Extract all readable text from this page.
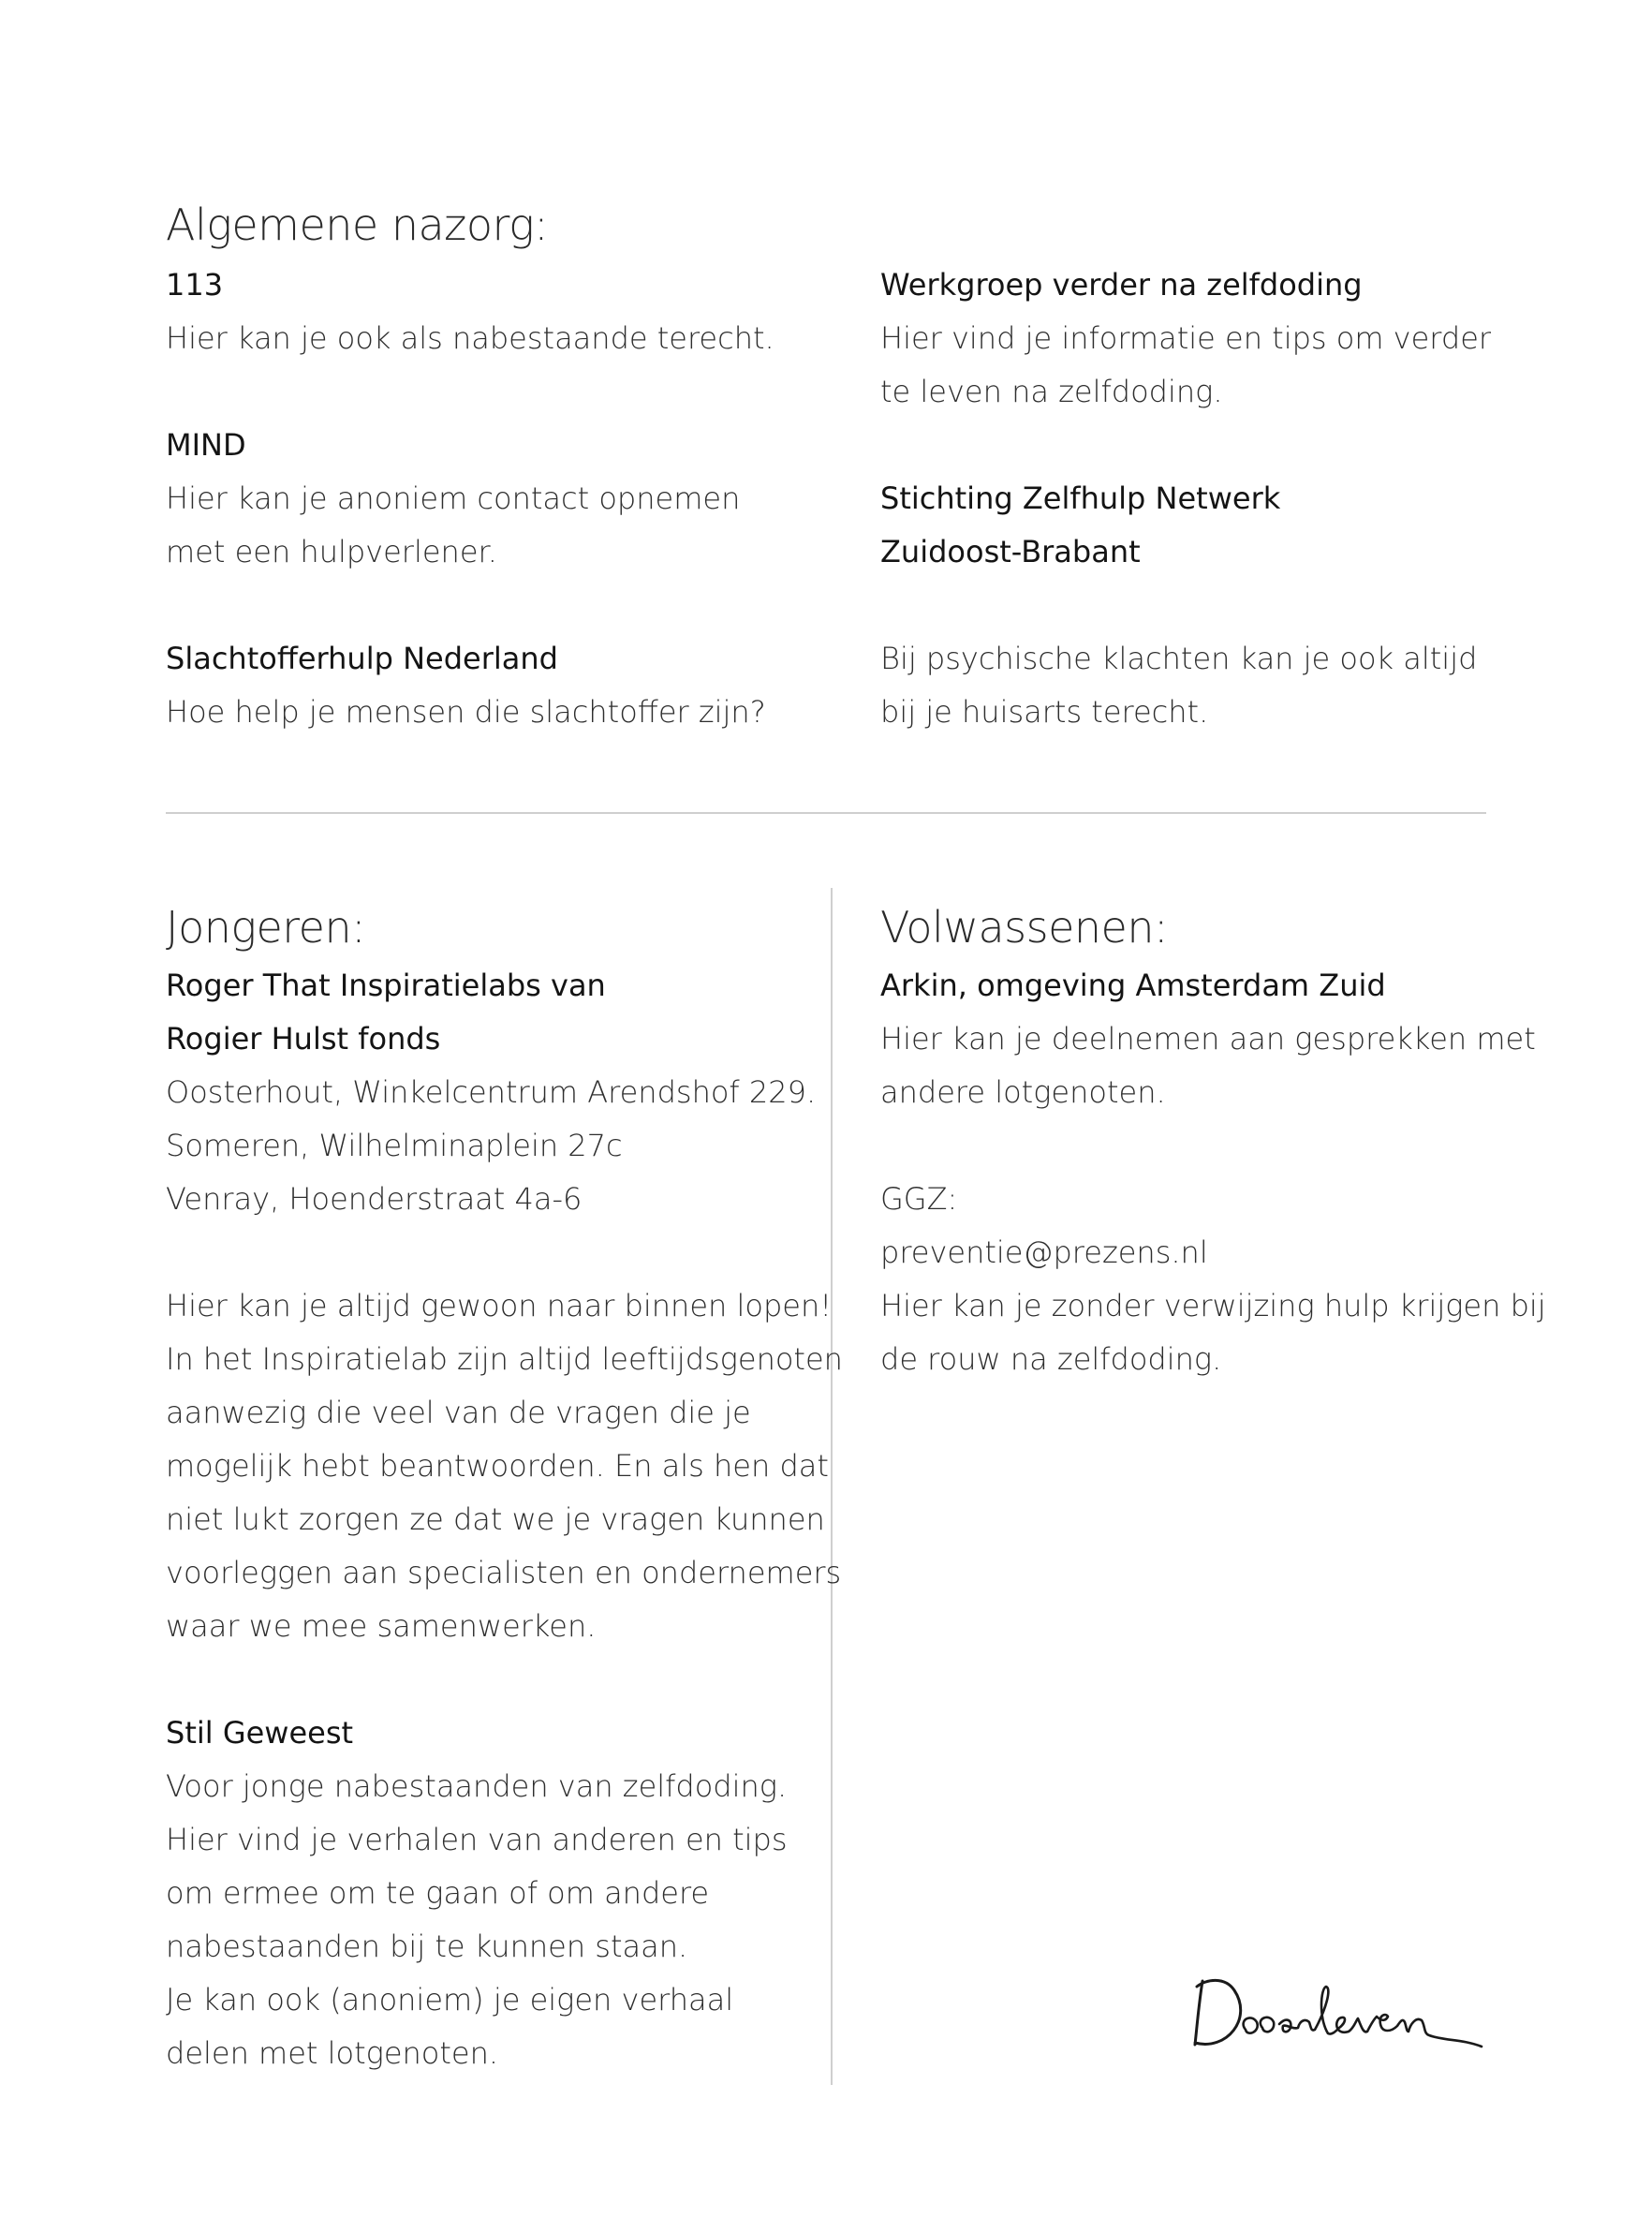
Algemene nazorg:
113
Hier kan je ook als nabestaande terecht.
MIND
Hier kan je anoniem contact opnemen
met een hulpverlener.
Slachtofferhulp Nederland
Hoe help je mensen die slachtoffer zijn?
Werkgroep verder na zelfdoding
Hier vind je informatie en tips om verder
te leven na zelfdoding.
Stichting Zelfhulp Netwerk
Zuidoost-Brabant
Bij psychische klachten kan je ook altijd
bij je huisarts terecht.
Jongeren:
Roger That Inspiratielabs van
Rogier Hulst fonds
Oosterhout, Winkelcentrum Arendshof 229.
Someren, Wilhelminaplein 27c
Venray, Hoenderstraat 4a-6
Hier kan je altijd gewoon naar binnen lopen!
In het Inspiratielab zijn altijd leeftijdsgenoten
aanwezig die veel van de vragen die je
mogelijk hebt beantwoorden. En als hen dat
niet lukt zorgen ze dat we je vragen kunnen
voorleggen aan specialisten en ondernemers
waar we mee samenwerken.
Stil Geweest
Voor jonge nabestaanden van zelfdoding.
Hier vind je verhalen van anderen en tips
om ermee om te gaan of om andere
nabestaanden bij te kunnen staan.
Je kan ook (anoniem) je eigen verhaal
delen met lotgenoten.
Volwassenen:
Arkin, omgeving Amsterdam Zuid
Hier kan je deelnemen aan gesprekken met
andere lotgenoten.
GGZ:
preventie@prezens.nl
Hier kan je zonder verwijzing hulp krijgen bij
de rouw na zelfdoding.
